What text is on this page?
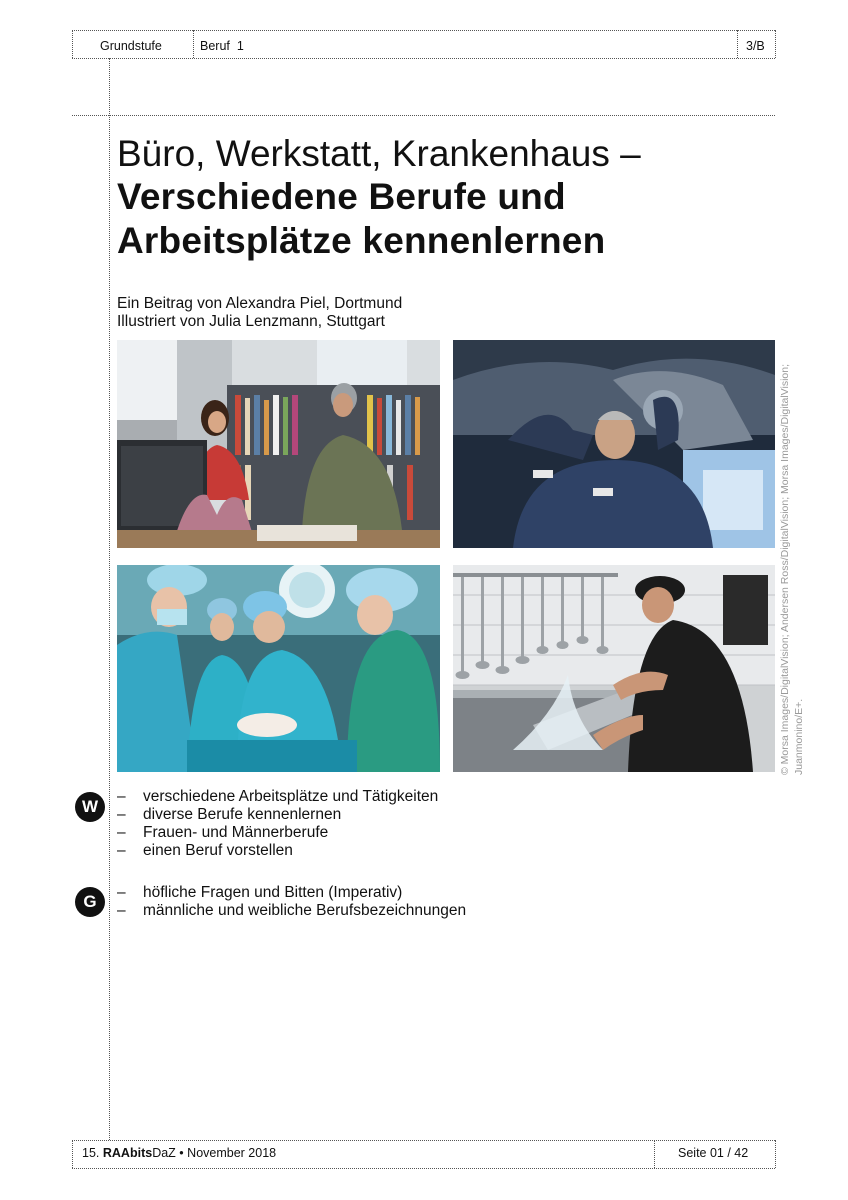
Grundstufe	Beruf  1	3/B
Büro, Werkstatt, Krankenhaus –
Verschiedene Berufe und
Arbeitsplätze kennenlernen
Ein Beitrag von Alexandra Piel, Dortmund
Illustriert von Julia Lenzmann, Stuttgart
© Morsa Images/DigitalVision; Andersen Ross/DigitalVision; Morsa Images/DigitalVision; Juanmonino/E+.
W
– verschiedene Arbeitsplätze und Tätigkeiten
– diverse Berufe kennenlernen
– Frauen- und Männerberufe
– einen Beruf vorstellen
G	– höfliche Fragen und Bitten (Imperativ)
– männliche und weibliche Berufsbezeichnungen
15. RAAbitsDaZ • November 2018	Seite 01 / 42
